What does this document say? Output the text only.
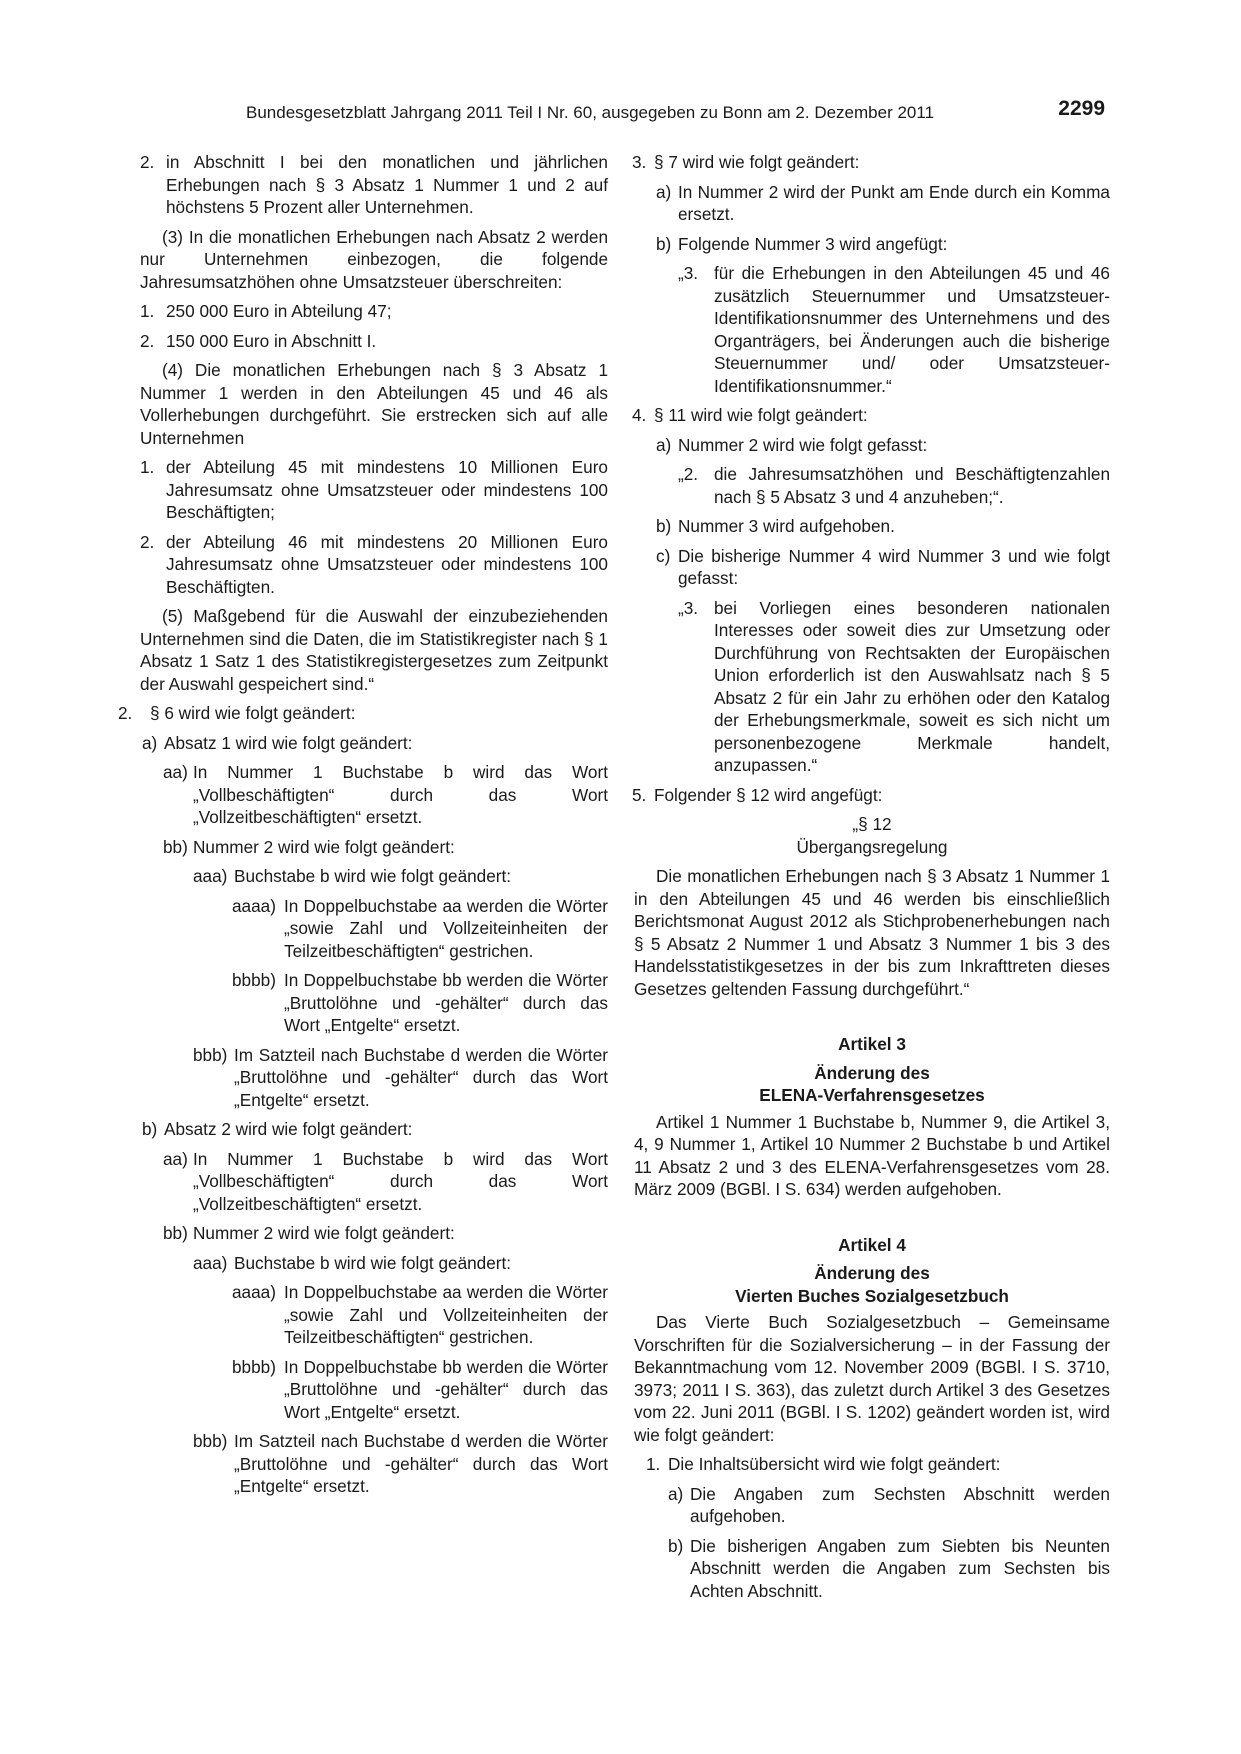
Bundesgesetzblatt Jahrgang 2011 Teil I Nr. 60, ausgegeben zu Bonn am 2. Dezember 2011	2299
2. in Abschnitt I bei den monatlichen und jährlichen Erhebungen nach § 3 Absatz 1 Nummer 1 und 2 auf höchstens 5 Prozent aller Unternehmen.
(3) In die monatlichen Erhebungen nach Absatz 2 werden nur Unternehmen einbezogen, die folgende Jahresumsatzhöhen ohne Umsatzsteuer überschreiten:
1. 250 000 Euro in Abteilung 47;
2. 150 000 Euro in Abschnitt I.
(4) Die monatlichen Erhebungen nach § 3 Absatz 1 Nummer 1 werden in den Abteilungen 45 und 46 als Vollerhebungen durchgeführt. Sie erstrecken sich auf alle Unternehmen
1. der Abteilung 45 mit mindestens 10 Millionen Euro Jahresumsatz ohne Umsatzsteuer oder mindestens 100 Beschäftigten;
2. der Abteilung 46 mit mindestens 20 Millionen Euro Jahresumsatz ohne Umsatzsteuer oder mindestens 100 Beschäftigten.
(5) Maßgebend für die Auswahl der einzubeziehenden Unternehmen sind die Daten, die im Statistikregister nach § 1 Absatz 1 Satz 1 des Statistikregistergesetzes zum Zeitpunkt der Auswahl gespeichert sind.“
2. § 6 wird wie folgt geändert:
a) Absatz 1 wird wie folgt geändert:
aa) In Nummer 1 Buchstabe b wird das Wort „Vollbeschäftigten“ durch das Wort „Vollzeitbeschäftigten“ ersetzt.
bb) Nummer 2 wird wie folgt geändert:
aaa) Buchstabe b wird wie folgt geändert:
aaaa) In Doppelbuchstabe aa werden die Wörter „sowie Zahl und Vollzeiteinheiten der Teilzeitbeschäftigten“ gestrichen.
bbbb) In Doppelbuchstabe bb werden die Wörter „Bruttolöhne und -gehälter“ durch das Wort „Entgelte“ ersetzt.
bbb) Im Satzteil nach Buchstabe d werden die Wörter „Bruttolöhne und -gehälter“ durch das Wort „Entgelte“ ersetzt.
b) Absatz 2 wird wie folgt geändert:
aa) In Nummer 1 Buchstabe b wird das Wort „Vollbeschäftigten“ durch das Wort „Vollzeitbeschäftigten“ ersetzt.
bb) Nummer 2 wird wie folgt geändert:
aaa) Buchstabe b wird wie folgt geändert:
aaaa) In Doppelbuchstabe aa werden die Wörter „sowie Zahl und Vollzeiteinheiten der Teilzeitbeschäftigten“ gestrichen.
bbbb) In Doppelbuchstabe bb werden die Wörter „Bruttolöhne und -gehälter“ durch das Wort „Entgelte“ ersetzt.
bbb) Im Satzteil nach Buchstabe d werden die Wörter „Bruttolöhne und -gehälter“ durch das Wort „Entgelte“ ersetzt.
3. § 7 wird wie folgt geändert:
a) In Nummer 2 wird der Punkt am Ende durch ein Komma ersetzt.
b) Folgende Nummer 3 wird angefügt:
„3. für die Erhebungen in den Abteilungen 45 und 46 zusätzlich Steuernummer und Umsatzsteuer-Identifikationsnummer des Unternehmens und des Organträgers, bei Änderungen auch die bisherige Steuernummer und/ oder Umsatzsteuer-Identifikationsnummer.“
4. § 11 wird wie folgt geändert:
a) Nummer 2 wird wie folgt gefasst:
„2. die Jahresumsatzhöhen und Beschäftigtenzahlen nach § 5 Absatz 3 und 4 anzuheben;“.
b) Nummer 3 wird aufgehoben.
c) Die bisherige Nummer 4 wird Nummer 3 und wie folgt gefasst:
„3. bei Vorliegen eines besonderen nationalen Interesses oder soweit dies zur Umsetzung oder Durchführung von Rechtsakten der Europäischen Union erforderlich ist den Auswahlsatz nach § 5 Absatz 2 für ein Jahr zu erhöhen oder den Katalog der Erhebungsmerkmale, soweit es sich nicht um personenbezogene Merkmale handelt, anzupassen.“
5. Folgender § 12 wird angefügt:
„§ 12
Übergangsregelung
Die monatlichen Erhebungen nach § 3 Absatz 1 Nummer 1 in den Abteilungen 45 und 46 werden bis einschließlich Berichtsmonat August 2012 als Stichprobenerhebungen nach § 5 Absatz 2 Nummer 1 und Absatz 3 Nummer 1 bis 3 des Handelsstatistikgesetzes in der bis zum Inkrafttreten dieses Gesetzes geltenden Fassung durchgeführt.“
Artikel 3
Änderung des
ELENA-Verfahrensgesetzes
Artikel 1 Nummer 1 Buchstabe b, Nummer 9, die Artikel 3, 4, 9 Nummer 1, Artikel 10 Nummer 2 Buchstabe b und Artikel 11 Absatz 2 und 3 des ELENA-Verfahrensgesetzes vom 28. März 2009 (BGBl. I S. 634) werden aufgehoben.
Artikel 4
Änderung des
Vierten Buches Sozialgesetzbuch
Das Vierte Buch Sozialgesetzbuch – Gemeinsame Vorschriften für die Sozialversicherung – in der Fassung der Bekanntmachung vom 12. November 2009 (BGBl. I S. 3710, 3973; 2011 I S. 363), das zuletzt durch Artikel 3 des Gesetzes vom 22. Juni 2011 (BGBl. I S. 1202) geändert worden ist, wird wie folgt geändert:
1. Die Inhaltsübersicht wird wie folgt geändert:
a) Die Angaben zum Sechsten Abschnitt werden aufgehoben.
b) Die bisherigen Angaben zum Siebten bis Neunten Abschnitt werden die Angaben zum Sechsten bis Achten Abschnitt.
